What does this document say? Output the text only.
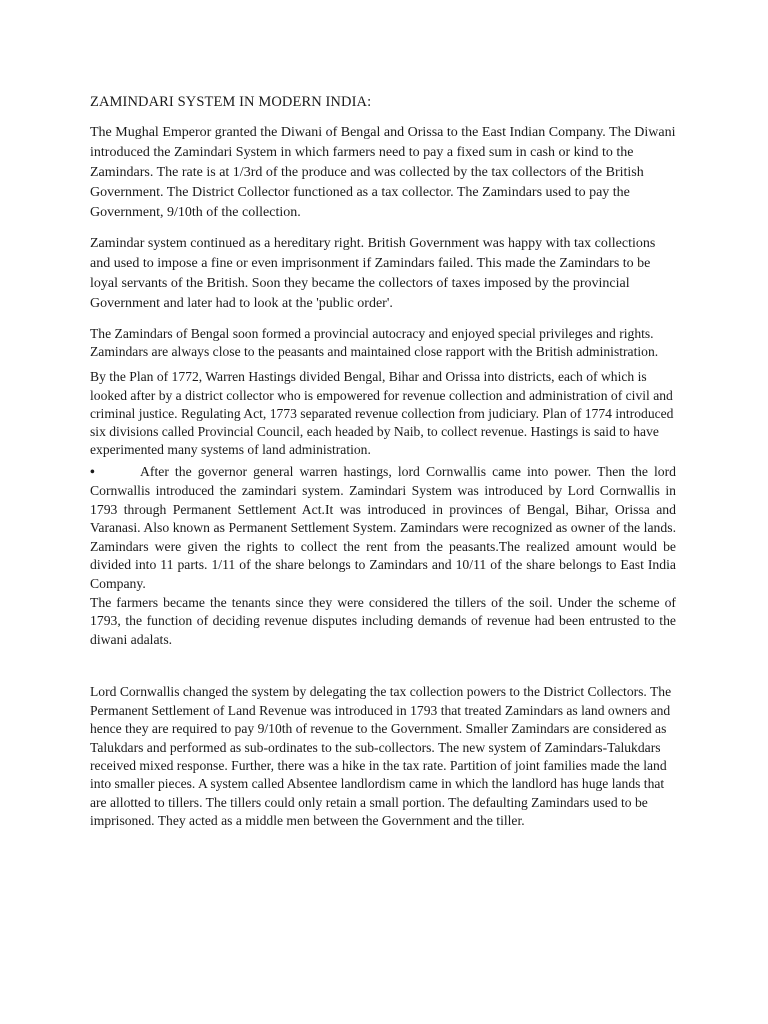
ZAMINDARI SYSTEM IN MODERN INDIA:

The Mughal Emperor granted the Diwani of Bengal and Orissa to the East Indian Company. The Diwani introduced the Zamindari System in which farmers need to pay a fixed sum in cash or kind to the Zamindars. The rate is at 1/3rd of the produce and was collected by the tax collectors of the British Government. The District Collector functioned as a tax collector. The Zamindars used to pay the Government, 9/10th of the collection.

Zamindar system continued as a hereditary right. British Government was happy with tax collections and used to impose a fine or even imprisonment if Zamindars failed. This made the Zamindars to be loyal servants of the British. Soon they became the collectors of taxes imposed by the provincial Government and later had to look at the 'public order'.

The Zamindars of Bengal soon formed a provincial autocracy and enjoyed special privileges and rights. Zamindars are always close to the peasants and maintained close rapport with the British administration.

By the Plan of 1772, Warren Hastings divided Bengal, Bihar and Orissa into districts, each of which is looked after by a district collector who is empowered for revenue collection and administration of civil and criminal justice. Regulating Act, 1773 separated revenue collection from judiciary. Plan of 1774 introduced six divisions called Provincial Council, each headed by Naib, to collect revenue. Hastings is said to have experimented many systems of land administration.

•	After the governor general warren hastings, lord Cornwallis came into power. Then the lord Cornwallis introduced the zamindari system. Zamindari System was introduced by Lord Cornwallis in 1793 through Permanent Settlement Act.It was introduced in provinces of Bengal, Bihar, Orissa and Varanasi. Also known as Permanent Settlement System. Zamindars were recognized as owner of the lands. Zamindars were given the rights to collect the rent from the peasants.The realized amount would be divided into 11 parts. 1/11 of the share belongs to Zamindars and 10/11 of the share belongs to East India Company.

The farmers became the tenants since they were considered the tillers of the soil. Under the scheme of 1793, the function of deciding revenue disputes including demands of revenue had been entrusted to the diwani adalats.

Lord Cornwallis changed the system by delegating the tax collection powers to the District Collectors. The Permanent Settlement of Land Revenue was introduced in 1793 that treated Zamindars as land owners and hence they are required to pay 9/10th of revenue to the Government. Smaller Zamindars are considered as Talukdars and performed as sub-ordinates to the sub-collectors. The new system of Zamindars-Talukdars received mixed response. Further, there was a hike in the tax rate. Partition of joint families made the land into smaller pieces. A system called Absentee landlordism came in which the landlord has huge lands that are allotted to tillers. The tillers could only retain a small portion. The defaulting Zamindars used to be imprisoned. They acted as a middle men between the Government and the tiller.
